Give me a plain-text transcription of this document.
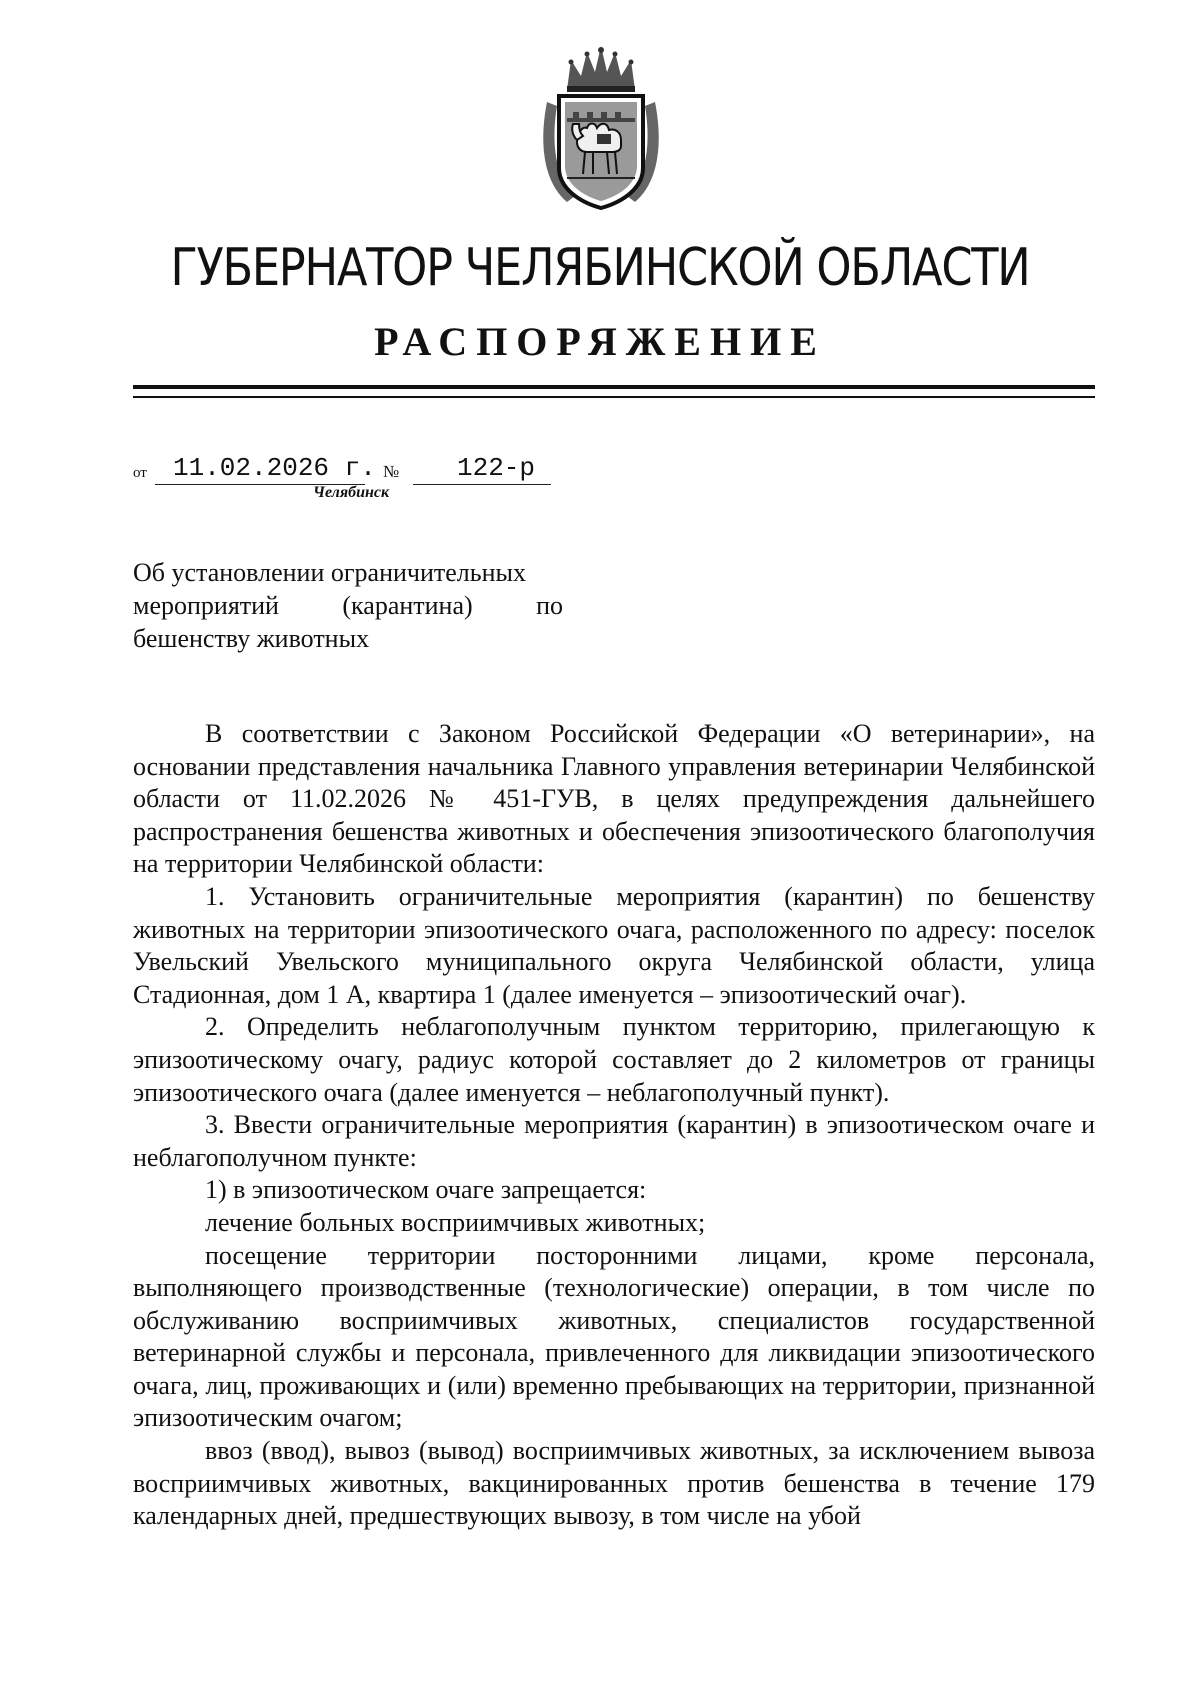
ГУБЕРНАТОР ЧЕЛЯБИНСКОЙ ОБЛАСТИ
РАСПОРЯЖЕНИЕ
от	11.02.2026 г. №	122-р
Челябинск
Об установлении ограничительных
мероприятий (карантина) по
бешенству животных

В соответствии с Законом Российской Федерации «О ветеринарии», на основании представления начальника Главного управления ветеринарии Челябинской области от 11.02.2026 № 451-ГУВ, в целях предупреждения дальнейшего распространения бешенства животных и обеспечения эпизоотического благополучия на территории Челябинской области:

1. Установить ограничительные мероприятия (карантин) по бешенству животных на территории эпизоотического очага, расположенного по адресу: поселок Увельский Увельского муниципального округа Челябинской области, улица Стадионная, дом 1 А, квартира 1 (далее именуется – эпизоотический очаг).

2. Определить неблагополучным пунктом территорию, прилегающую к эпизоотическому очагу, радиус которой составляет до 2 километров от границы эпизоотического очага (далее именуется – неблагополучный пункт).

3. Ввести ограничительные мероприятия (карантин) в эпизоотическом очаге и неблагополучном пункте:

1) в эпизоотическом очаге запрещается:

лечение больных восприимчивых животных;

посещение территории посторонними лицами, кроме персонала, выполняющего производственные (технологические) операции, в том числе по обслуживанию восприимчивых животных, специалистов государственной ветеринарной службы и персонала, привлеченного для ликвидации эпизоотического очага, лиц, проживающих и (или) временно пребывающих на территории, признанной эпизоотическим очагом;

ввоз (ввод), вывоз (вывод) восприимчивых животных, за исключением вывоза восприимчивых животных, вакцинированных против бешенства в течение 179 календарных дней, предшествующих вывозу, в том числе на убой
